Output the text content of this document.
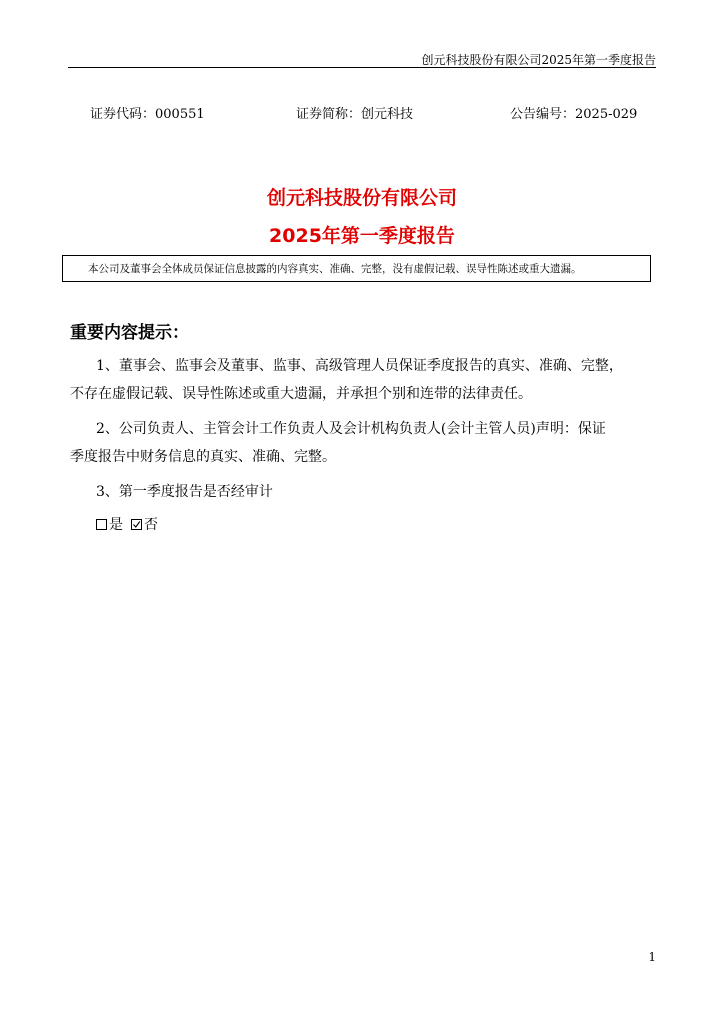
创元科技股份有限公司2025年第一季度报告
证券代码：000551	证券简称：创元科技	公告编号：2025-029
创元科技股份有限公司
2025年第一季度报告
本公司及董事会全体成员保证信息披露的内容真实、准确、完整，没有虚假记载、误导性陈述或重大遗漏。
重要内容提示：
1、董事会、监事会及董事、监事、高级管理人员保证季度报告的真实、准确、完整，
不存在虚假记载、误导性陈述或重大遗漏，并承担个别和连带的法律责任。
2、公司负责人、主管会计工作负责人及会计机构负责人(会计主管人员)声明：保证
季度报告中财务信息的真实、准确、完整。
3、第一季度报告是否经审计
是 否
1
